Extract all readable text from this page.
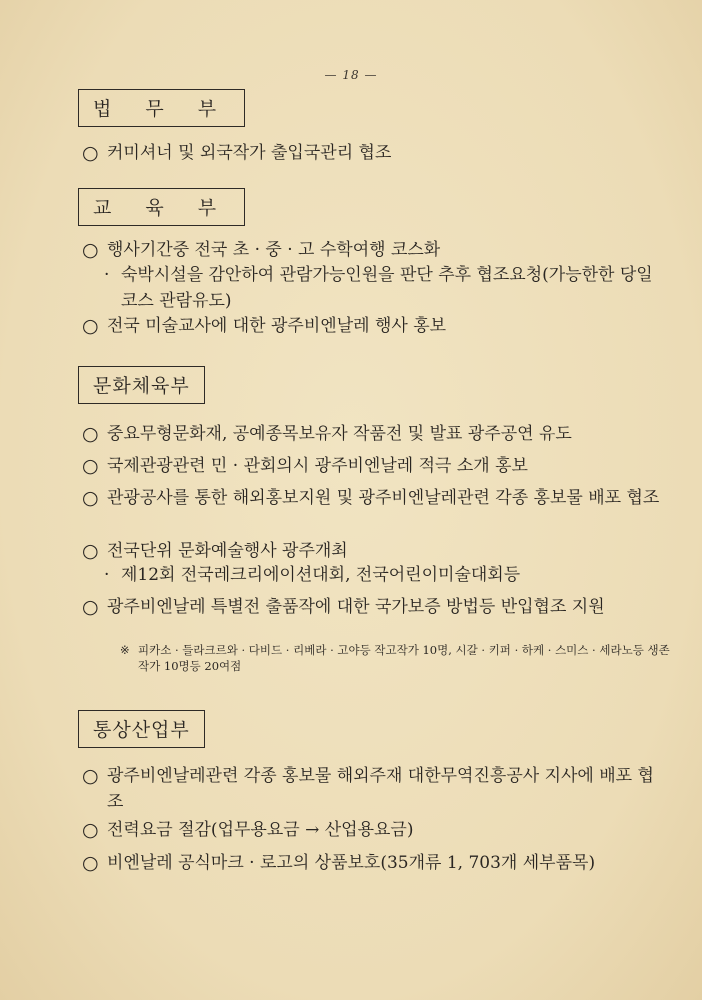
— 18 —
법 무 부
○ 커미셔너 및 외국작가 출입국관리 협조
교 육 부
○ 행사기간중 전국 초 · 중 · 고 수학여행 코스화
· 숙박시설을 감안하여 관람가능인원을 판단 추후 협조요청(가능한한 당일코스 관람유도)
○ 전국 미술교사에 대한 광주비엔날레 행사 홍보
문화체육부
○ 중요무형문화재, 공예종목보유자 작품전 및 발표 광주공연 유도
○ 국제관광관련 민 · 관회의시 광주비엔날레 적극 소개 홍보
○ 관광공사를 통한 해외홍보지원 및 광주비엔날레관련 각종 홍보물 배포 협조
○ 전국단위 문화예술행사 광주개최
· 제12회 전국레크리에이션대회, 전국어린이미술대회등
○ 광주비엔날레 특별전 출품작에 대한 국가보증 방법등 반입협조 지원
※ 피카소 · 들라크르와 · 다비드 · 리베라 · 고야등 작고작가 10명, 시갈 · 키퍼 · 하케 · 스미스 · 세라노등 생존작가 10명등 20여점
통상산업부
○ 광주비엔날레관련 각종 홍보물 해외주재 대한무역진흥공사 지사에 배포 협조
○ 전력요금 절감(업무용요금 → 산업용요금)
○ 비엔날레 공식마크 · 로고의 상품보호(35개류 1, 703개 세부품목)
